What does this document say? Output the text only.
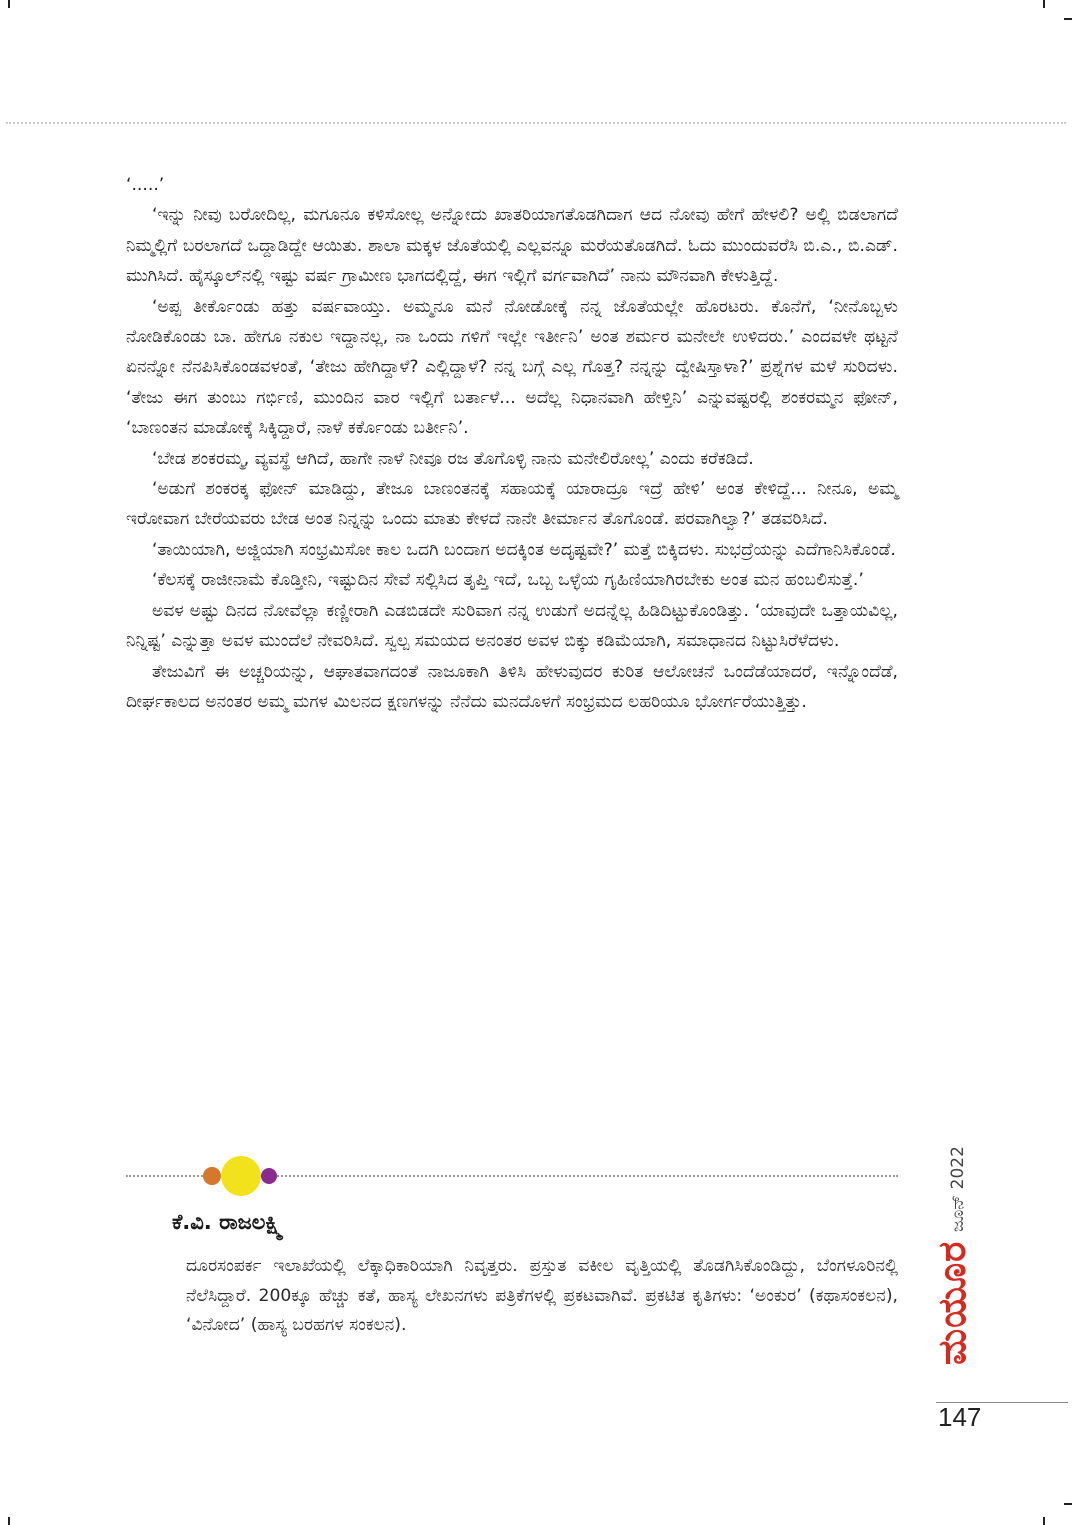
‘.....’

‘ಇನ್ನು ನೀವು ಬರೋದಿಲ್ಲ, ಮಗೂನೂ ಕಳಿಸೋಲ್ಲ ಅನ್ನೋದು ಖಾತರಿಯಾಗತೊಡಗಿದಾಗ ಆದ ನೋವು ಹೇಗೆ ಹೇಳಲಿ? ಅಲ್ಲಿ ಬಿಡಲಾಗದೆ ನಿಮ್ಮಲ್ಲಿಗೆ ಬರಲಾಗದೆ ಒದ್ದಾಡಿದ್ದೇ ಆಯಿತು. ಶಾಲಾ ಮಕ್ಕಳ ಜೊತೆಯಲ್ಲಿ ಎಲ್ಲವನ್ನೂ ಮರೆಯತೊಡಗಿದೆ. ಓದು ಮುಂದುವರೆಸಿ ಬಿ.ಎ., ಬಿ.ಎಡ್. ಮುಗಿಸಿದೆ. ಹೈಸ್ಕೂಲ್‌ನಲ್ಲಿ ಇಷ್ಟು ವರ್ಷ ಗ್ರಾಮೀಣ ಭಾಗದಲ್ಲಿದ್ದೆ, ಈಗ ಇಲ್ಲಿಗೆ ವರ್ಗವಾಗಿದೆ’ ನಾನು ಮೌನವಾಗಿ ಕೇಳುತ್ತಿದ್ದೆ.

‘ಅಪ್ಪ ತೀರ್ಕೊಂಡು ಹತ್ತು ವರ್ಷವಾಯ್ತು. ಅಮ್ಮನೂ ಮನೆ ನೋಡೋಕ್ಕೆ ನನ್ನ ಜೊತೆಯಲ್ಲೇ ಹೊರಟರು. ಕೊನೆಗೆ, ‘ನೀನೊಬ್ಬಳು ನೋಡಿಕೊಂಡು ಬಾ. ಹೇಗೂ ನಕುಲ ಇದ್ದಾನಲ್ಲ, ನಾ ಒಂದು ಗಳಿಗೆ ಇಲ್ಲೇ ಇರ್ತೀನಿ’ ಅಂತ ಶರ್ಮರ ಮನೇಲೇ ಉಳಿದರು.’ ಎಂದವಳೇ ಥಟ್ಟನೆ ಏನನ್ನೋ ನೆನಪಿಸಿಕೊಂಡವಳಂತೆ, ‘ತೇಜು ಹೇಗಿದ್ದಾಳೆ? ಎಲ್ಲಿದ್ದಾಳೆ? ನನ್ನ ಬಗ್ಗೆ ಎಲ್ಲ ಗೊತ್ತ? ನನ್ನನ್ನು ದ್ವೇಷಿಸ್ತಾಳಾ?’ ಪ್ರಶ್ನೆಗಳ ಮಳೆ ಸುರಿದಳು. ‘ತೇಜು ಈಗ ತುಂಬು ಗರ್ಭಿಣಿ, ಮುಂದಿನ ವಾರ ಇಲ್ಲಿಗೆ ಬರ್ತಾಳೆ... ಅದೆಲ್ಲ ನಿಧಾನವಾಗಿ ಹೇಳ್ತಿನಿ’ ಎನ್ನುವಷ್ಟರಲ್ಲಿ ಶಂಕರಮ್ಮನ ಫೋನ್, ‘ಬಾಣಂತನ ಮಾಡೋಕ್ಕೆ ಸಿಕ್ಕಿದ್ದಾರೆ, ನಾಳೆ ಕರ್ಕೊಂಡು ಬರ್ತೀನಿ’.

‘ಬೇಡ ಶಂಕರಮ್ಮ, ವ್ಯವಸ್ಥೆ ಆಗಿದೆ, ಹಾಗೇ ನಾಳೆ ನೀವೂ ರಜ ತೊಗೊಳ್ಳಿ ನಾನು ಮನೇಲಿರೋಲ್ಲ’ ಎಂದು ಕರೆಕಡಿದೆ.

‘ಅಡುಗೆ ಶಂಕರಕ್ಕ ಫೋನ್ ಮಾಡಿದ್ದು, ತೇಜೂ ಬಾಣಂತನಕ್ಕೆ ಸಹಾಯಕ್ಕೆ ಯಾರಾದ್ರೂ ಇದ್ರೆ ಹೇಳಿ’ ಅಂತ ಕೇಳಿದ್ದೆ... ನೀನೂ, ಅಮ್ಮ ಇರೋವಾಗ ಬೇರೆಯವರು ಬೇಡ ಅಂತ ನಿನ್ನನ್ನು ಒಂದು ಮಾತು ಕೇಳದೆ ನಾನೇ ತೀರ್ಮಾನ ತೊಗೊಂಡೆ. ಪರವಾಗಿಲ್ವಾ?’ ತಡವರಿಸಿದೆ.

‘ತಾಯಿಯಾಗಿ, ಅಜ್ಜಿಯಾಗಿ ಸಂಭ್ರಮಿಸೋ ಕಾಲ ಒದಗಿ ಬಂದಾಗ ಅದಕ್ಕಿಂತ ಅದೃಷ್ಟವೇ?’ ಮತ್ತೆ ಬಿಕ್ಕಿದಳು. ಸುಭದ್ರೆಯನ್ನು ಎದೆಗಾನಿಸಿಕೊಂಡೆ.

‘ಕೆಲಸಕ್ಕೆ ರಾಜೀನಾಮೆ ಕೊಡ್ತೀನಿ, ಇಷ್ಟುದಿನ ಸೇವೆ ಸಲ್ಲಿಸಿದ ತೃಪ್ತಿ ಇದೆ, ಒಬ್ಬ ಒಳ್ಳೆಯ ಗೃಹಿಣಿಯಾಗಿರಬೇಕು ಅಂತ ಮನ ಹಂಬಲಿಸುತ್ತೆ.’

ಅವಳ ಅಷ್ಟು ದಿನದ ನೋವೆಲ್ಲಾ ಕಣ್ಣೀರಾಗಿ ಎಡಬಿಡದೇ ಸುರಿವಾಗ ನನ್ನ ಉಡುಗೆ ಅದನ್ನೆಲ್ಲ ಹಿಡಿದಿಟ್ಟುಕೊಂಡಿತ್ತು. ‘ಯಾವುದೇ ಒತ್ತಾಯವಿಲ್ಲ, ನಿನ್ನಿಷ್ಟ’ ಎನ್ನುತ್ತಾ ಅವಳ ಮುಂದೆಲೆ ನೇವರಿಸಿದೆ. ಸ್ವಲ್ಪ ಸಮಯದ ಅನಂತರ ಅವಳ ಬಿಕ್ಕು ಕಡಿಮೆಯಾಗಿ, ಸಮಾಧಾನದ ನಿಟ್ಟುಸಿರೆಳೆದಳು.

ತೇಜುವಿಗೆ ಈ ಅಚ್ಚರಿಯನ್ನು, ಆಘಾತವಾಗದಂತೆ ನಾಜೂಕಾಗಿ ತಿಳಿಸಿ ಹೇಳುವುದರ ಕುರಿತ ಆಲೋಚನೆ ಒಂದೆಡೆಯಾದರೆ, ಇನ್ನೊಂದೆಡೆ, ದೀರ್ಘಕಾಲದ ಅನಂತರ ಅಮ್ಮ ಮಗಳ ಮಿಲನದ ಕ್ಷಣಗಳನ್ನು ನೆನೆದು ಮನದೊಳಗೆ ಸಂಭ್ರಮದ ಲಹರಿಯೂ ಭೋರ್ಗರೆಯುತ್ತಿತ್ತು.

ಕೆ.ವಿ. ರಾಜಲಕ್ಷ್ಮಿ
ದೂರಸಂಪರ್ಕ ಇಲಾಖೆಯಲ್ಲಿ ಲೆಕ್ಕಾಧಿಕಾರಿಯಾಗಿ ನಿವೃತ್ತರು. ಪ್ರಸ್ತುತ ವಕೀಲ ವೃತ್ತಿಯಲ್ಲಿ ತೊಡಗಿಸಿಕೊಂಡಿದ್ದು, ಬೆಂಗಳೂರಿನಲ್ಲಿ ನೆಲೆಸಿದ್ದಾರೆ. 200ಕ್ಕೂ ಹೆಚ್ಚು ಕತೆ, ಹಾಸ್ಯ ಲೇಖನಗಳು ಪತ್ರಿಕೆಗಳಲ್ಲಿ ಪ್ರಕಟವಾಗಿವೆ. ಪ್ರಕಟಿತ ಕೃತಿಗಳು: ‘ಅಂಕುರ’ (ಕಥಾಸಂಕಲನ), ‘ವಿನೋದ’ (ಹಾಸ್ಯ ಬರಹಗಳ ಸಂಕಲನ).
ಜೂನ್ 2022
ಮಯೂರ
147
